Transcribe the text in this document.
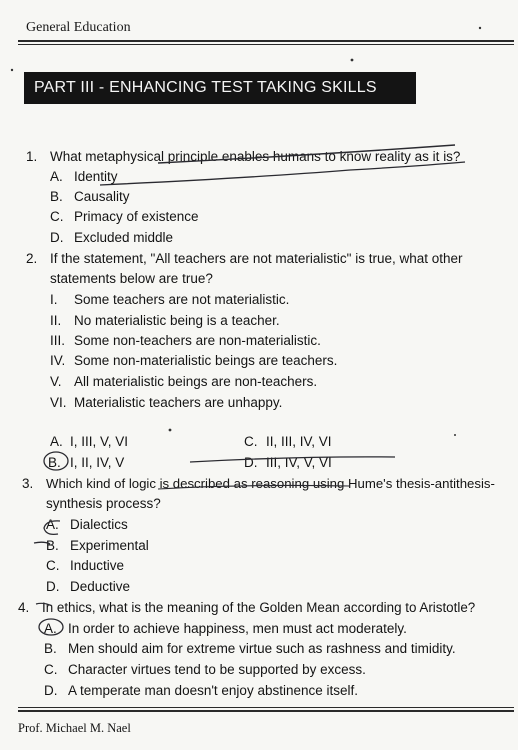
General Education
PART III - ENHANCING TEST TAKING SKILLS
1. What metaphysical principle enables humans to know reality as it is?
A. Identity
B. Causality
C. Primacy of existence
D. Excluded middle
2. If the statement, "All teachers are not materialistic" is true, what other
statements below are true?
I. Some teachers are not materialistic.
II. No materialistic being is a teacher.
III. Some non-teachers are non-materialistic.
IV. Some non-materialistic beings are teachers.
V. All materialistic beings are non-teachers.
VI. Materialistic teachers are unhappy.
A. I, III, V, VI	C. II, III, IV, VI
B. I, II, IV, V	D. III, IV, V, VI
3. Which kind of logic is described as reasoning using Hume's thesis-antithesis-
synthesis process?
A. Dialectics
B. Experimental
C. Inductive
D. Deductive
4. In ethics, what is the meaning of the Golden Mean according to Aristotle?
A. In order to achieve happiness, men must act moderately.
B. Men should aim for extreme virtue such as rashness and timidity.
C. Character virtues tend to be supported by excess.
D. A temperate man doesn't enjoy abstinence itself.
Prof. Michael M. Nael
